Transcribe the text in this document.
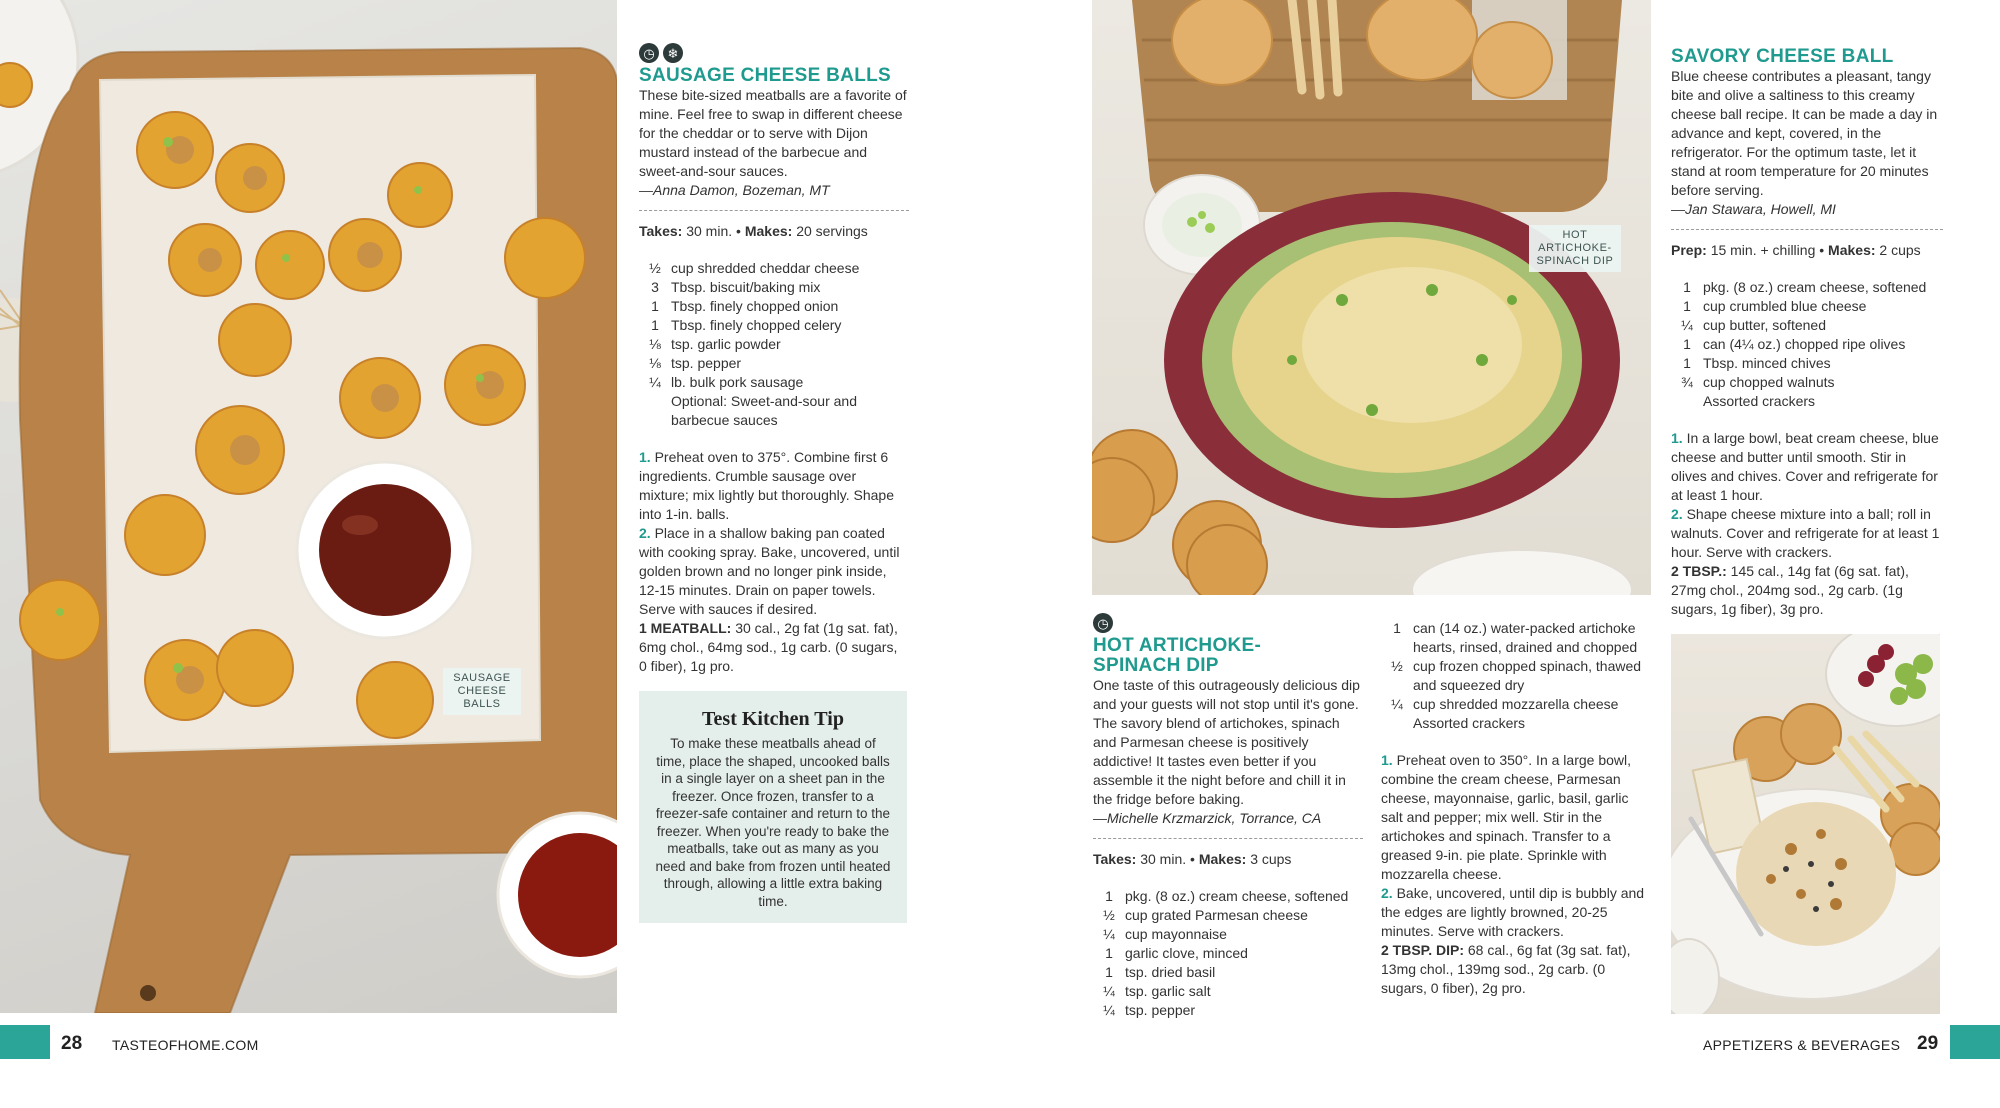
SAUSAGE CHEESE BALLS
◷ ❄
SAUSAGE CHEESE BALLS
These bite-sized meatballs are a favorite of mine. Feel free to swap in different cheese for the cheddar or to serve with Dijon mustard instead of the barbecue and sweet-and-sour sauces.
—Anna Damon, Bozeman, MT
Takes: 30 min. • Makes: 20 servings
½ cup shredded cheddar cheese
3 Tbsp. biscuit/baking mix
1 Tbsp. finely chopped onion
1 Tbsp. finely chopped celery
⅛ tsp. garlic powder
⅛ tsp. pepper
¼ lb. bulk pork sausage
Optional: Sweet-and-sour and barbecue sauces
1. Preheat oven to 375°. Combine first 6 ingredients. Crumble sausage over mixture; mix lightly but thoroughly. Shape into 1-in. balls.
2. Place in a shallow baking pan coated with cooking spray. Bake, uncovered, until golden brown and no longer pink inside, 12-15 minutes. Drain on paper towels. Serve with sauces if desired.
1 MEATBALL: 30 cal., 2g fat (1g sat. fat), 6mg chol., 64mg sod., 1g carb. (0 sugars, 0 fiber), 1g pro.
Test Kitchen Tip
To make these meatballs ahead of time, place the shaped, uncooked balls in a single layer on a sheet pan in the freezer. Once frozen, transfer to a freezer-safe container and return to the freezer. When you're ready to bake the meatballs, take out as many as you need and bake from frozen until heated through, allowing a little extra baking time.
HOT ARTICHOKE-SPINACH DIP
◷
HOT ARTICHOKE-
SPINACH DIP
One taste of this outrageously delicious dip and your guests will not stop until it's gone. The savory blend of artichokes, spinach and Parmesan cheese is positively addictive! It tastes even better if you assemble it the night before and chill it in the fridge before baking.
—Michelle Krzmarzick, Torrance, CA
Takes: 30 min. • Makes: 3 cups
1 pkg. (8 oz.) cream cheese, softened
½ cup grated Parmesan cheese
¼ cup mayonnaise
1 garlic clove, minced
1 tsp. dried basil
¼ tsp. garlic salt
¼ tsp. pepper
1 can (14 oz.) water-packed artichoke hearts, rinsed, drained and chopped
½ cup frozen chopped spinach, thawed and squeezed dry
¼ cup shredded mozzarella cheese
Assorted crackers
1. Preheat oven to 350°. In a large bowl, combine the cream cheese, Parmesan cheese, mayonnaise, garlic, basil, garlic salt and pepper; mix well. Stir in the artichokes and spinach. Transfer to a greased 9-in. pie plate. Sprinkle with mozzarella cheese.
2. Bake, uncovered, until dip is bubbly and the edges are lightly browned, 20-25 minutes. Serve with crackers.
2 TBSP. DIP: 68 cal., 6g fat (3g sat. fat), 13mg chol., 139mg sod., 2g carb. (0 sugars, 0 fiber), 2g pro.
SAVORY CHEESE BALL
Blue cheese contributes a pleasant, tangy bite and olive a saltiness to this creamy cheese ball recipe. It can be made a day in advance and kept, covered, in the refrigerator. For the optimum taste, let it stand at room temperature for 20 minutes before serving.
—Jan Stawara, Howell, MI
Prep: 15 min. + chilling • Makes: 2 cups
1 pkg. (8 oz.) cream cheese, softened
1 cup crumbled blue cheese
¼ cup butter, softened
1 can (4¼ oz.) chopped ripe olives
1 Tbsp. minced chives
¾ cup chopped walnuts
Assorted crackers
1. In a large bowl, beat cream cheese, blue cheese and butter until smooth. Stir in olives and chives. Cover and refrigerate for at least 1 hour.
2. Shape cheese mixture into a ball; roll in walnuts. Cover and refrigerate for at least 1 hour. Serve with crackers.
2 TBSP.: 145 cal., 14g fat (6g sat. fat), 27mg chol., 204mg sod., 2g carb. (1g sugars, 1g fiber), 3g pro.
28 TASTEOFHOME.COM	APPETIZERS & BEVERAGES 29
